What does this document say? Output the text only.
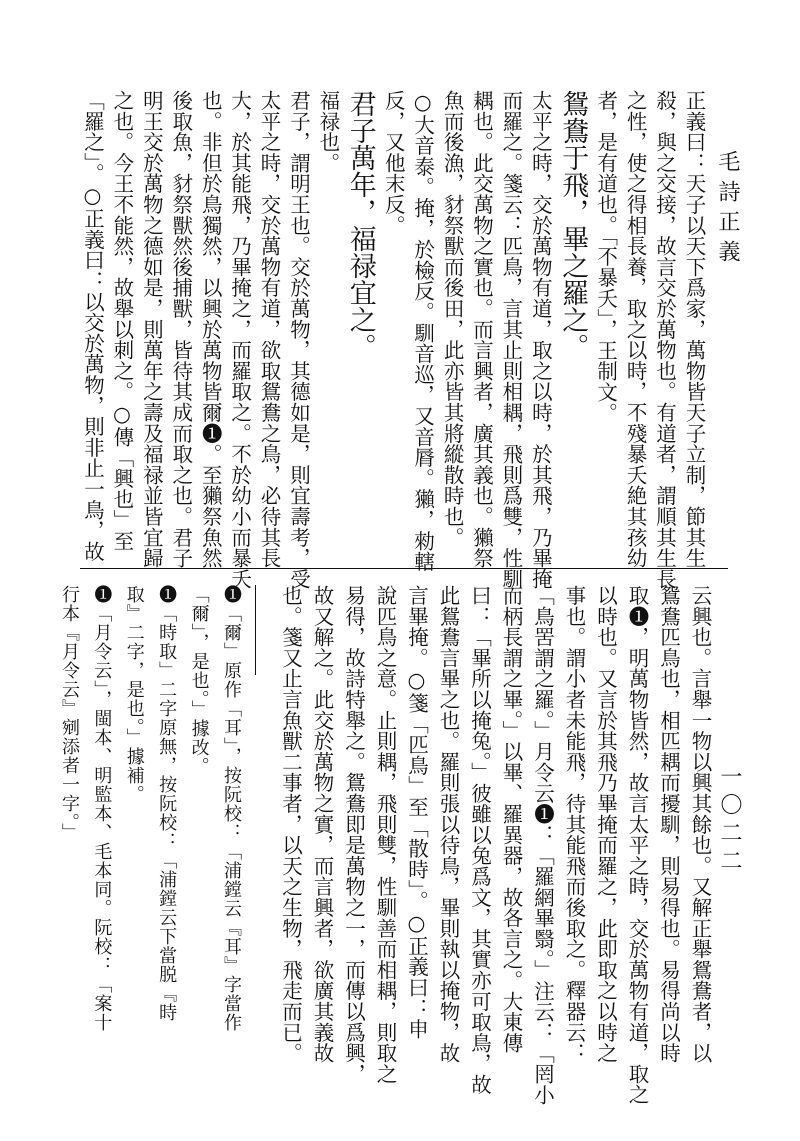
毛詩正義
一〇二二
正義曰：天子以天下爲家，萬物皆天子立制，節其生
殺，與之交接，故言交於萬物也。有道者，謂順其生長
之性，使之得相長養，取之以時，不殘暴夭絶其孩幼
者，是有道也。「不暴夭」，王制文。
鴛鴦于飛，畢之羅之。
太平之時，交於萬物有道，取之以時，於其飛，乃畢掩
而羅之。箋云：匹鳥，言其止則相耦，飛則爲雙，性馴
耦也。此交萬物之實也。而言興者，廣其義也。獺祭
魚而後漁，豺祭獸而後田，此亦皆其將縱散時也。
○大音泰。掩，於檢反。馴音巡，又音脣。獺，勑轄
反，又他末反。
君子萬年，福禄宜之。
福禄也。
君子，謂明王也。交於萬物，其德如是，則宜壽考，受
太平之時，交於萬物有道，欲取鴛鴦之鳥，必待其長
大，於其能飛，乃畢掩之，而羅取之。不於幼小而暴夭
也。非但於鳥獨然，以興於萬物皆爾❶。至獺祭魚然
後取魚，豺祭獸然後捕獸，皆待其成而取之也。君子
明王交於萬物之德如是，則萬年之壽及福禄並皆宜歸
之也。今王不能然，故舉以刺之。○傳「興也」至
「羅之」。○正義曰：以交於萬物，則非止一鳥，故
云興也。言舉一物以興其餘也。又解正舉鴛鴦者，以
鴛鴦匹鳥也，相匹耦而擾馴，則易得也。易得尚以時
取❶，明萬物皆然，故言太平之時，交於萬物有道，取之
以時也。又言於其飛乃畢掩而羅之，此即取之以時之
事也。謂小者未能飛，待其能飛而後取之。釋器云：
「鳥罟謂之羅。」月令云❶：「羅網畢翳。」注云：「罔小
而柄長謂之畢。」以畢、羅異器，故各言之。大東傳
曰：「畢所以掩兔。」彼雖以兔爲文，其實亦可取鳥，故
此鴛鴦言畢之也。羅則張以待鳥，畢則執以掩物，故
言畢掩。○箋「匹鳥」至「散時」。○正義曰：申
說匹鳥之意。止則耦，飛則雙，性馴善而相耦，則取之
易得，故詩特舉之。鴛鴦即是萬物之一，而傳以爲興，
故又解之。此交於萬物之實，而言興者，欲廣其義故
也。箋又止言魚獸二事者，以天之生物，飛走而已。
❶「爾」原作「耳」，按阮校：「浦鏜云『耳』字當作
「爾」，是也。」據改。
❶「時取」二字原無，按阮校：「浦鏜云下當脱『時
取』二字，是也。」據補。
❶「月令云」，閩本、明監本、毛本同。阮校：「案十
行本『月令云』剜添者一字。」
